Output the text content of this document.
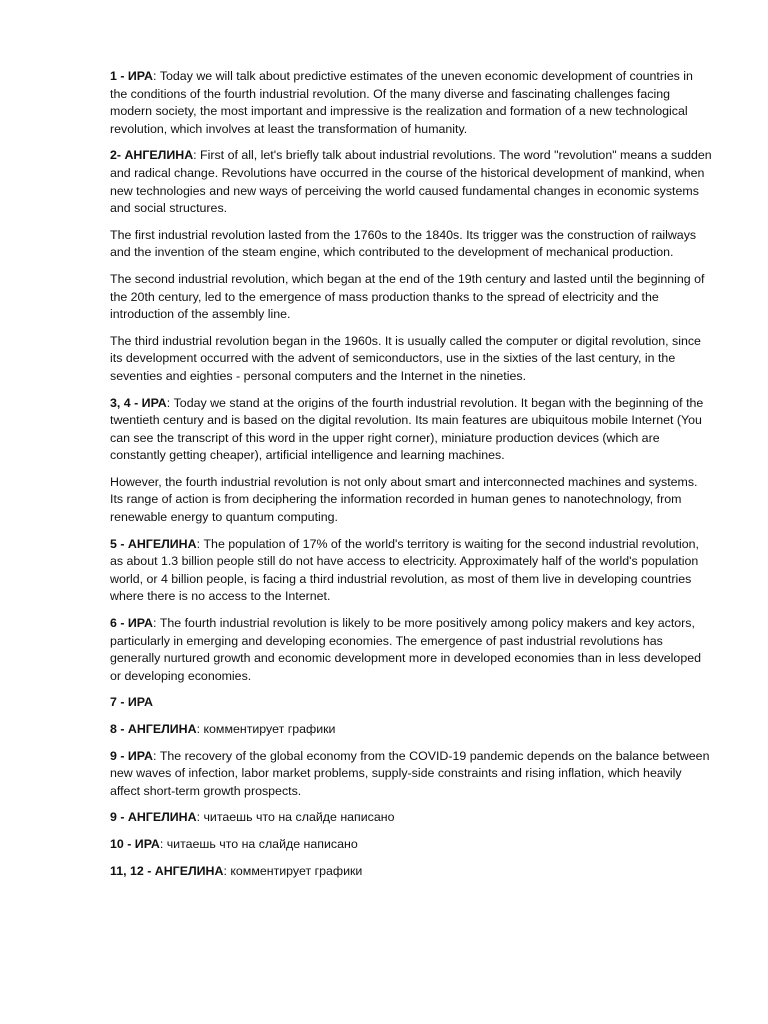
1 - ИРА: Today we will talk about predictive estimates of the uneven economic development of countries in the conditions of the fourth industrial revolution. Of the many diverse and fascinating challenges facing modern society, the most important and impressive is the realization and formation of a new technological revolution, which involves at least the transformation of humanity.

2- АНГЕЛИНА: First of all, let's briefly talk about industrial revolutions. The word "revolution" means a sudden and radical change. Revolutions have occurred in the course of the historical development of mankind, when new technologies and new ways of perceiving the world caused fundamental changes in economic systems and social structures.

The first industrial revolution lasted from the 1760s to the 1840s. Its trigger was the construction of railways and the invention of the steam engine, which contributed to the development of mechanical production.

The second industrial revolution, which began at the end of the 19th century and lasted until the beginning of the 20th century, led to the emergence of mass production thanks to the spread of electricity and the introduction of the assembly line.

The third industrial revolution began in the 1960s. It is usually called the computer or digital revolution, since its development occurred with the advent of semiconductors, use in the sixties of the last century, in the seventies and eighties - personal computers and the Internet in the nineties.

3, 4 - ИРА: Today we stand at the origins of the fourth industrial revolution. It began with the beginning of the twentieth century and is based on the digital revolution. Its main features are ubiquitous mobile Internet (You can see the transcript of this word in the upper right corner), miniature production devices (which are constantly getting cheaper), artificial intelligence and learning machines.

However, the fourth industrial revolution is not only about smart and interconnected machines and systems. Its range of action is from deciphering the information recorded in human genes to nanotechnology, from renewable energy to quantum computing.

5 - АНГЕЛИНА: The population of 17% of the world's territory is waiting for the second industrial revolution, as about 1.3 billion people still do not have access to electricity. Approximately half of the world's population world, or 4 billion people, is facing a third industrial revolution, as most of them live in developing countries where there is no access to the Internet.

6 - ИРА: The fourth industrial revolution is likely to be more positively among policy makers and key actors, particularly in emerging and developing economies. The emergence of past industrial revolutions has generally nurtured growth and economic development more in developed economies than in less developed or developing economies.

7 - ИРА

8 - АНГЕЛИНА: комментирует графики

9 - ИРА: The recovery of the global economy from the COVID-19 pandemic depends on the balance between new waves of infection, labor market problems, supply-side constraints and rising inflation, which heavily affect short-term growth prospects.

9 - АНГЕЛИНА: читаешь что на слайде написано

10 - ИРА: читаешь что на слайде написано

11, 12 - АНГЕЛИНА: комментирует графики
